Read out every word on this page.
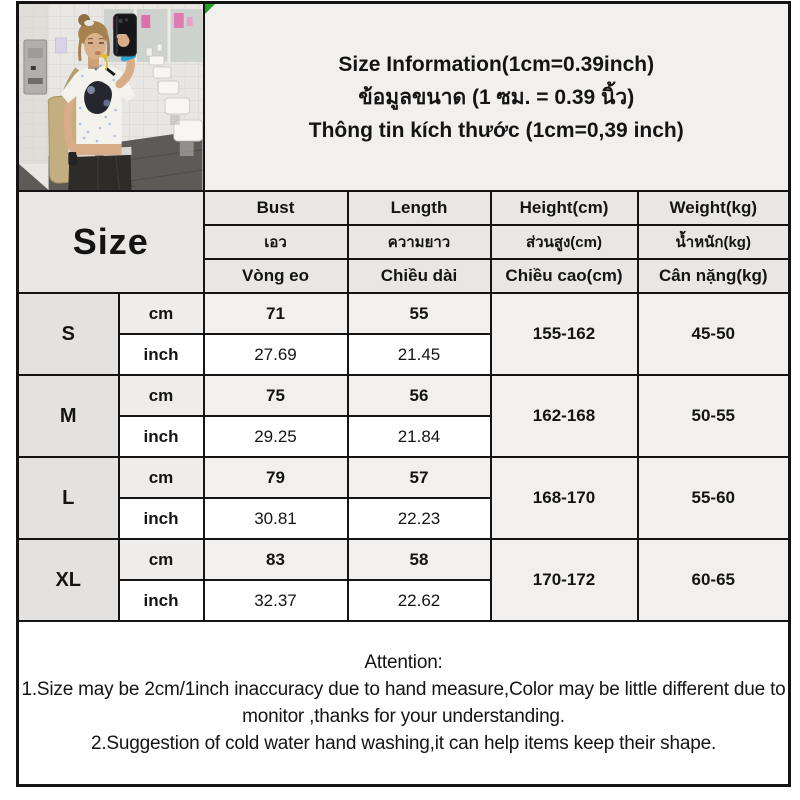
Size Information(1cm=0.39inch)
ข้อมูลขนาด (1 ซม. = 0.39 นิ้ว)
Thông tin kích thước (1cm=0,39 inch)			

Size		Bust	Length	Height(cm)	Weight(kg)
		เอว	ความยาว	ส่วนสูง(cm)	น้ำหนัก(kg)
		Vòng eo	Chiều dài	Chiều cao(cm)	Cân nặng(kg)
S	cm	71	55	155-162	45-50
	inch	27.69	21.45		
M	cm	75	56	162-168	50-55
	inch	29.25	21.84		
L	cm	79	57	168-170	55-60
	inch	30.81	22.23		
XL	cm	83	58	170-172	60-65
	inch	32.37	22.62		

Attention:

1.Size may be 2cm/1inch inaccuracy due to hand measure,Color may be little different due to monitor ,thanks for your understanding.

2.Suggestion of cold water hand washing,it can help items keep their shape.					
